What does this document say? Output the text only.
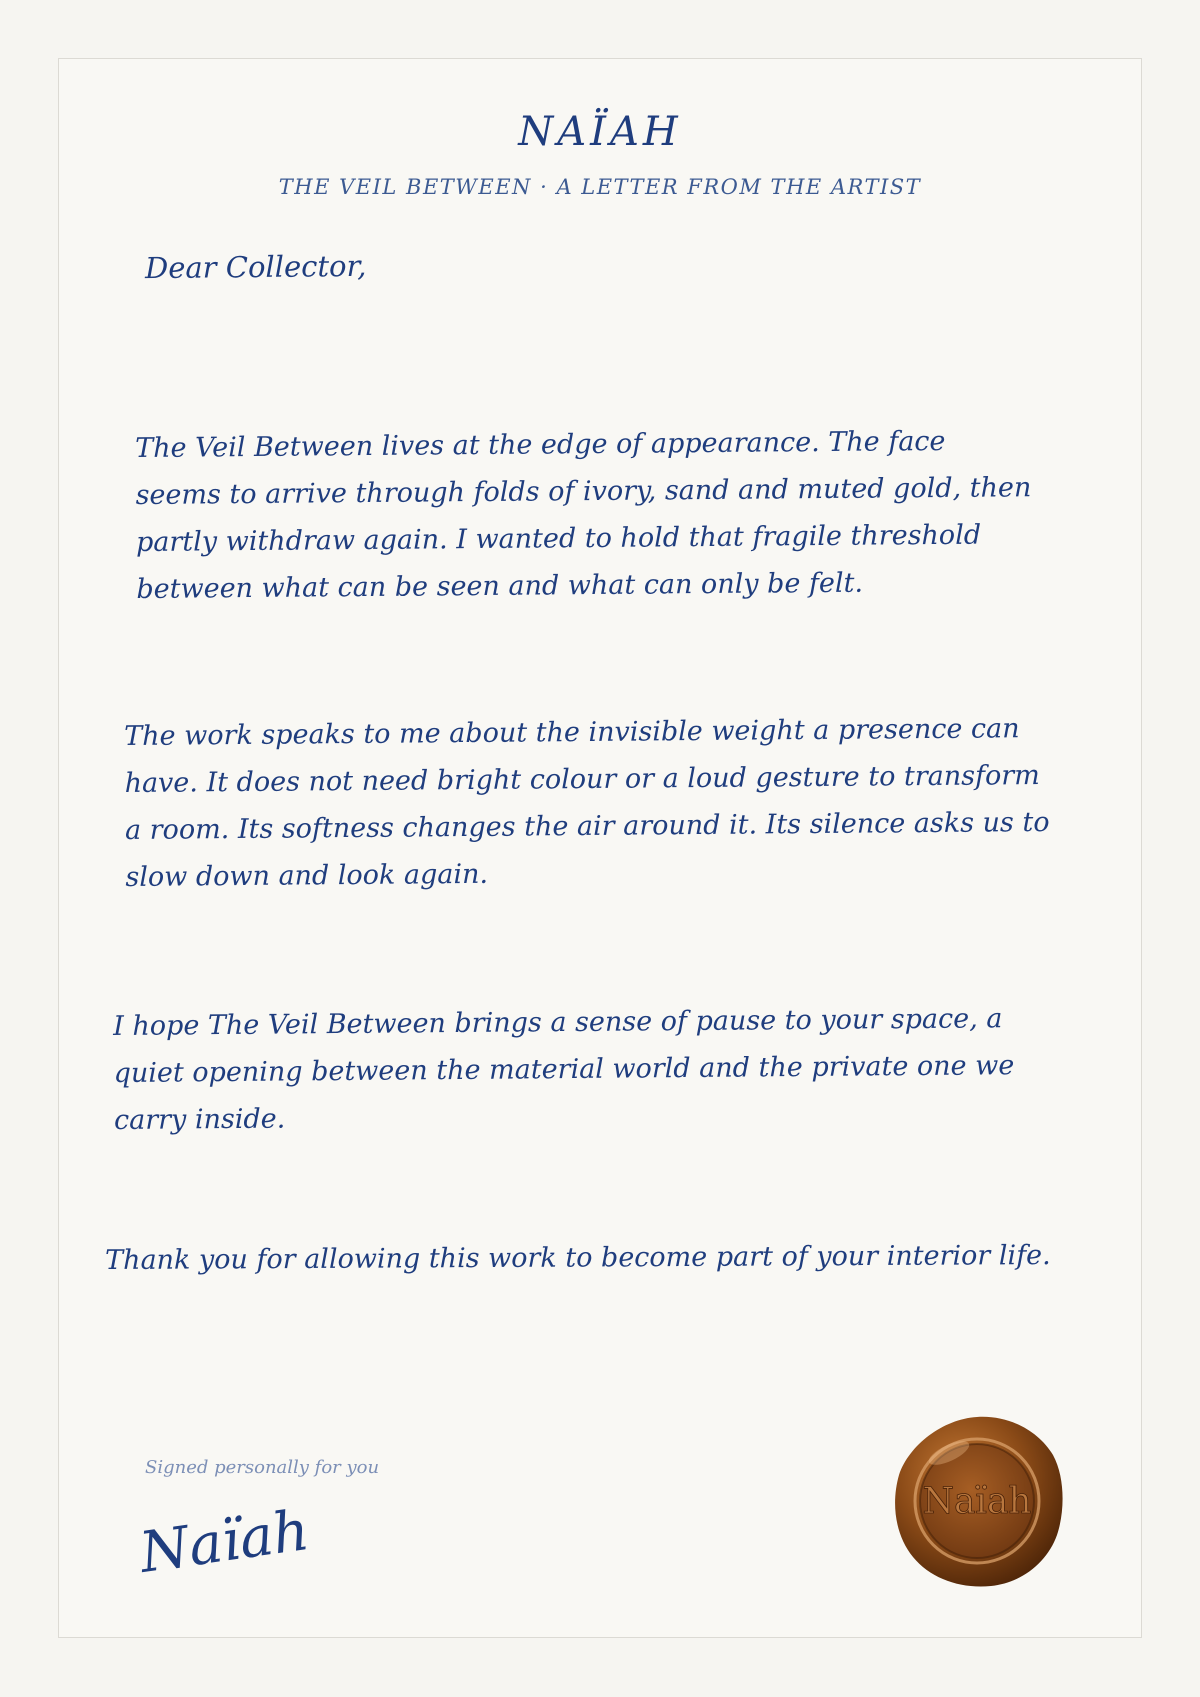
NAÏAH
THE VEIL BETWEEN · A LETTER FROM THE ARTIST
Dear Collector,

The Veil Between lives at the edge of appearance. The face seems to arrive through folds of ivory, sand and muted gold, then partly withdraw again. I wanted to hold that fragile threshold between what can be seen and what can only be felt.

The work speaks to me about the invisible weight a presence can have. It does not need bright colour or a loud gesture to transform a room. Its softness changes the air around it. Its silence asks us to slow down and look again.

I hope The Veil Between brings a sense of pause to your space, a quiet opening between the material world and the private one we carry inside.

Thank you for allowing this work to become part of your interior life.

Signed personally for you
Naïah	Naïah
